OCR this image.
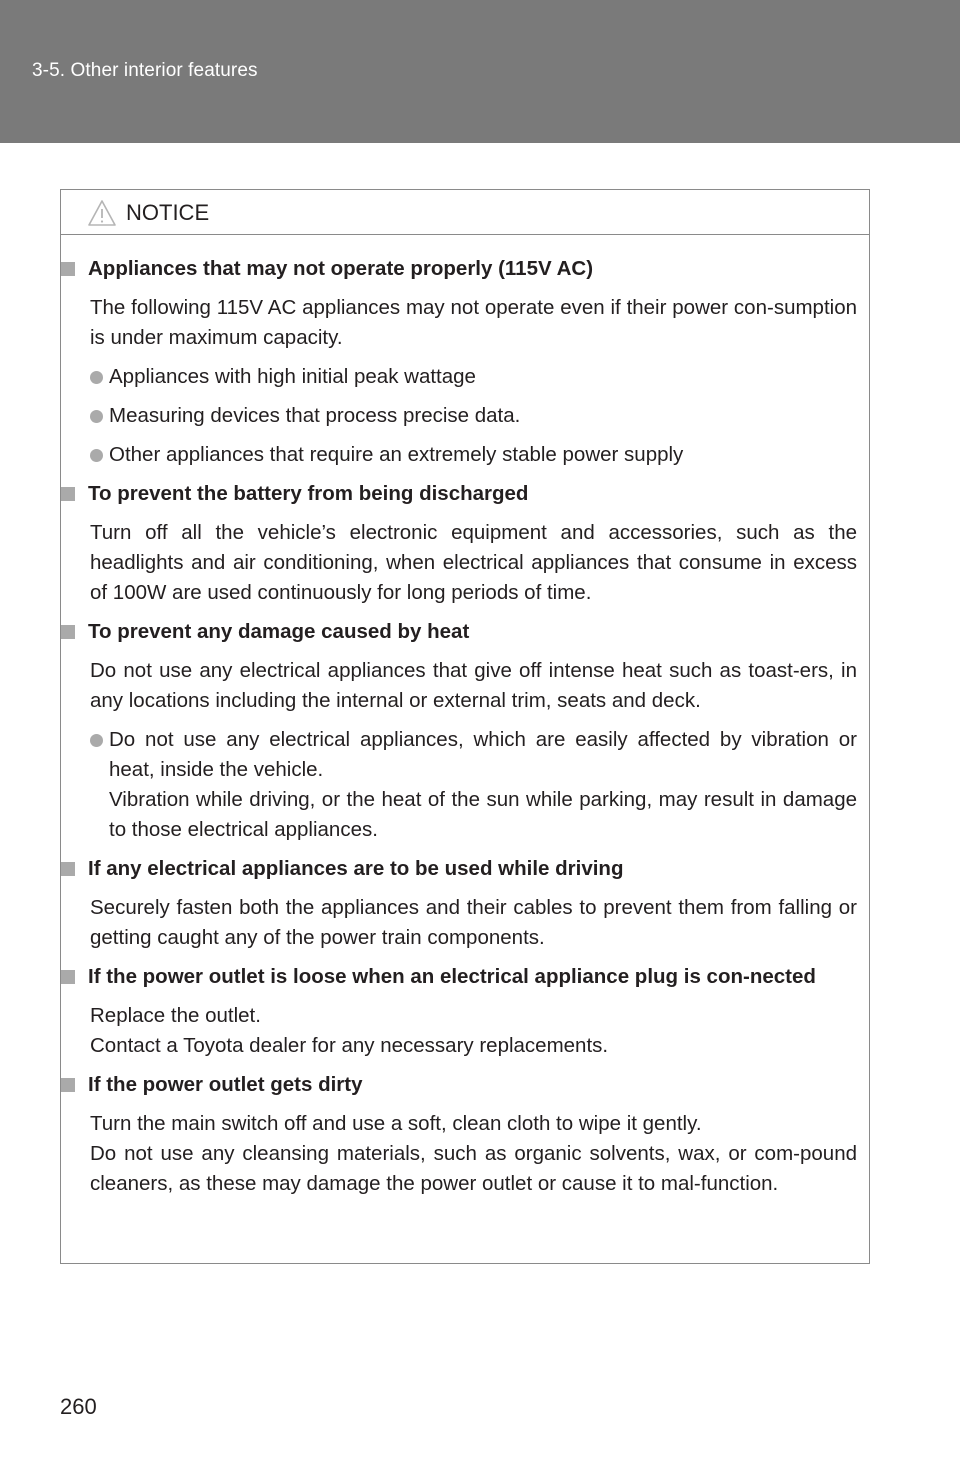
3-5. Other interior features
NOTICE
Appliances that may not operate properly (115V AC)
The following 115V AC appliances may not operate even if their power con-sumption is under maximum capacity.
Appliances with high initial peak wattage
Measuring devices that process precise data.
Other appliances that require an extremely stable power supply
To prevent the battery from being discharged
Turn off all the vehicle’s electronic equipment and accessories, such as the headlights and air conditioning, when electrical appliances that consume in excess of 100W are used continuously for long periods of time.
To prevent any damage caused by heat
Do not use any electrical appliances that give off intense heat such as toast-ers, in any locations including the internal or external trim, seats and deck.
Do not use any electrical appliances, which are easily affected by vibration or heat, inside the vehicle.
Vibration while driving, or the heat of the sun while parking, may result in damage to those electrical appliances.
If any electrical appliances are to be used while driving
Securely fasten both the appliances and their cables to prevent them from falling or getting caught any of the power train components.
If the power outlet is loose when an electrical appliance plug is con-nected
Replace the outlet.
Contact a Toyota dealer for any necessary replacements.
If the power outlet gets dirty
Turn the main switch off and use a soft, clean cloth to wipe it gently.
Do not use any cleansing materials, such as organic solvents, wax, or com-pound cleaners, as these may damage the power outlet or cause it to mal-function.
260
